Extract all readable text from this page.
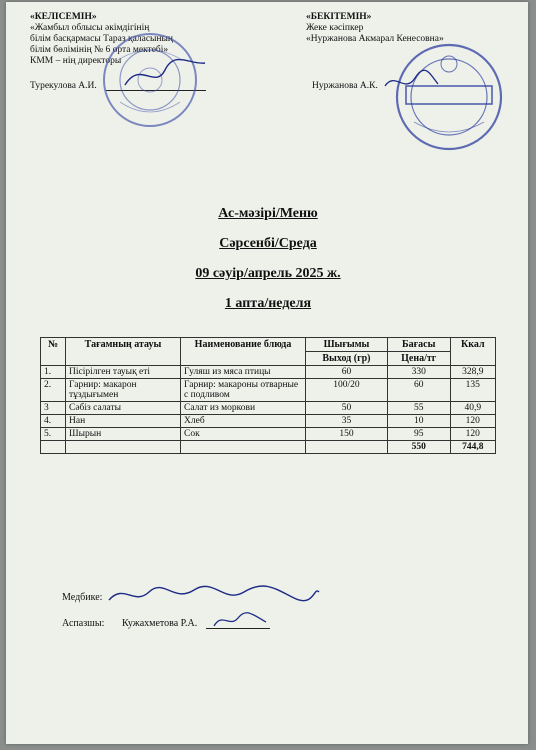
«КЕЛІСЕМІН»
«Жамбыл облысы әкімдігінің
білім басқармасы Тараз қаласының
білім бөлімінің № 6 орта мектебі»
КММ – нің директоры
Турекулова А.И.
«БЕКІТЕМІН»
Жеке кәсіпкер
«Нуржанова Акмарал Кенесовна»
Нуржанова А.К.
Ас-мәзірі/Меню
Сәрсенбі/Среда
09 сәуір/апрель 2025 ж.
1 апта/неделя
№	Тағамның атауы	Наименование блюда	Шығымы	Бағасы	Ккал
			Выход (гр)	Цена/тг	
1.	Пісірілген тауық еті	Гуляш из мяса птицы	60	330	328,9
2.	Гарнир: макарон тұздығымен	Гарнир: макароны отварные с подливом	100/20	60	135
3	Сәбіз салаты	Салат из моркови	50	55	40,9
4.	Нан	Хлеб	35	10	120
5.	Шырын	Сок	150	95	120
				550	744,8
Медбике:
Аспазшы: Кужахметова Р.А.
